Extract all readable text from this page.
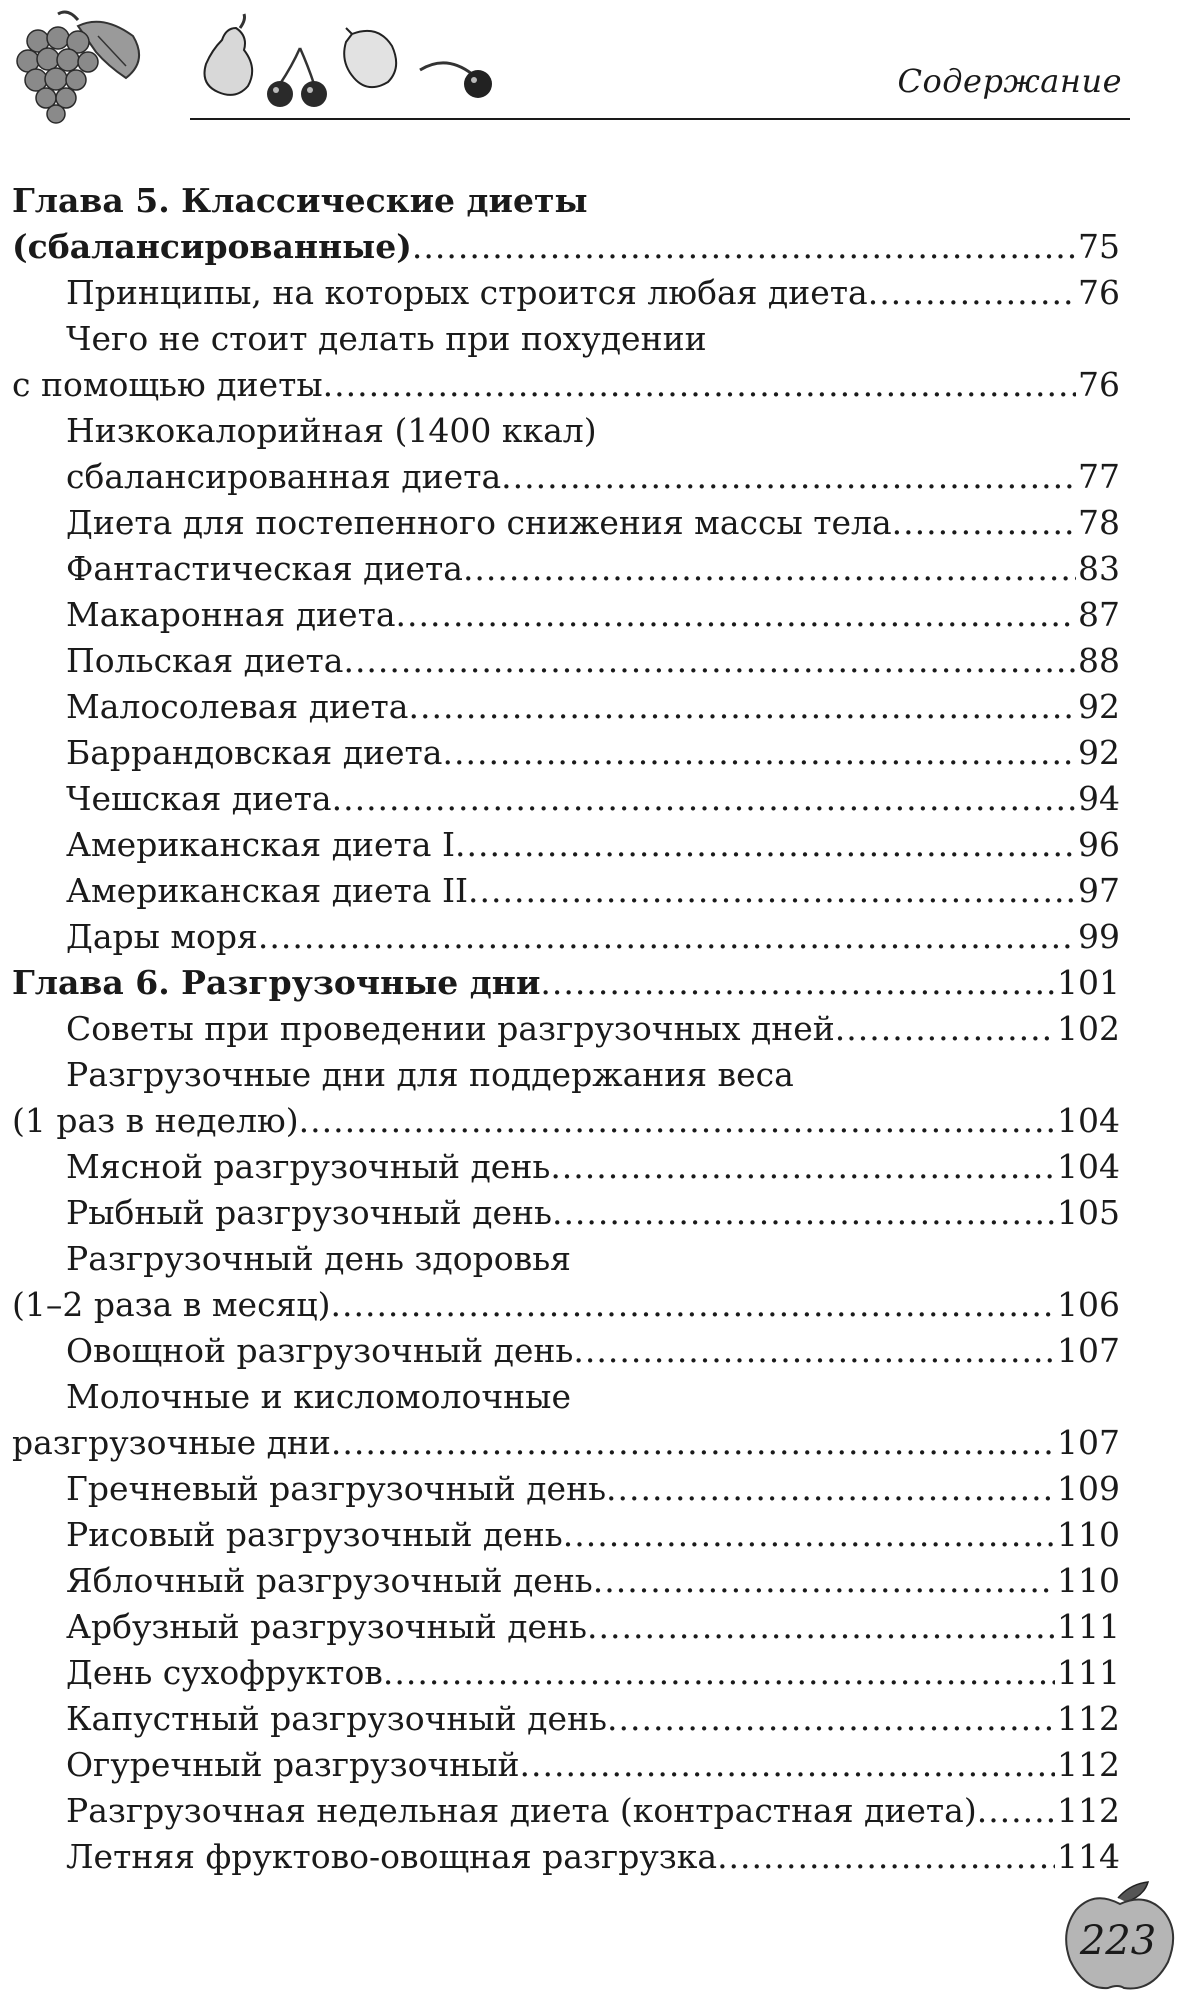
Содержание
Глава 5. Классические диеты
(сбалансированные) .....	75
Принципы, на которых строится любая диета .....	76
Чего не стоит делать при похудении
с помощью диеты .....	76
Низкокалорийная (1400 ккал)
сбалансированная диета .....	77
Диета для постепенного снижения массы тела .....	78
Фантастическая диета .....	83
Макаронная диета .....	87
Польская диета .....	88
Малосолевая диета .....	92
Баррандовская диета .....	92
Чешская диета .....	94
Американская диета I .....	96
Американская диета II .....	97
Дары моря .....	99
Глава 6. Разгрузочные дни .....	101
Советы при проведении разгрузочных дней .....	102
Разгрузочные дни для поддержания веса
(1 раз в неделю) .....	104
Мясной разгрузочный день .....	104
Рыбный разгрузочный день .....	105
Разгрузочный день здоровья
(1–2 раза в месяц) .....	106
Овощной разгрузочный день .....	107
Молочные и кисломолочные
разгрузочные дни .....	107
Гречневый разгрузочный день .....	109
Рисовый разгрузочный день .....	110
Яблочный разгрузочный день .....	110
Арбузный разгрузочный день .....	111
День сухофруктов .....	111
Капустный разгрузочный день .....	112
Огуречный разгрузочный .....	112
Разгрузочная недельная диета (контрастная диета) ..... 112
Летняя фруктово-овощная разгрузка .....	114
223
